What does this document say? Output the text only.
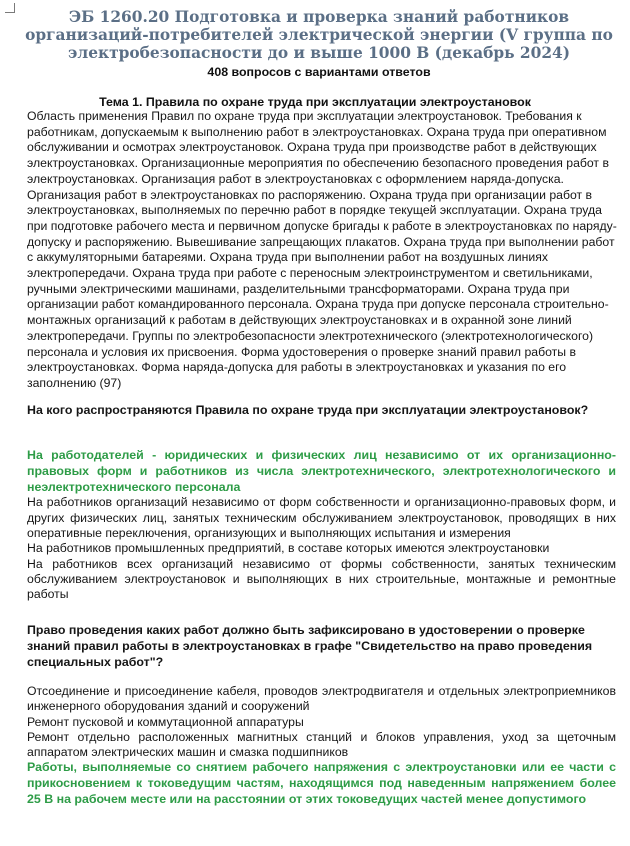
ЭБ 1260.20 Подготовка и проверка знаний работников организаций-потребителей электрической энергии (V группа по электробезопасности до и выше 1000 В (декабрь 2024)
408 вопросов с вариантами ответов
Тема 1. Правила по охране труда при эксплуатации электроустановок

Область применения Правил по охране труда при эксплуатации электроустановок. Требования к работникам, допускаемым к выполнению работ в электроустановках. Охрана труда при оперативном обслуживании и осмотрах электроустановок. Охрана труда при производстве работ в действующих электроустановках. Организационные мероприятия по обеспечению безопасного проведения работ в электроустановках. Организация работ в электроустановках с оформлением наряда-допуска. Организация работ в электроустановках по распоряжению. Охрана труда при организации работ в электроустановках, выполняемых по перечню работ в порядке текущей эксплуатации. Охрана труда при подготовке рабочего места и первичном допуске бригады к работе в электроустановках по наряду-допуску и распоряжению. Вывешивание запрещающих плакатов. Охрана труда при выполнении работ с аккумуляторными батареями. Охрана труда при выполнении работ на воздушных линиях электропередачи. Охрана труда при работе с переносным электроинструментом и светильниками, ручными электрическими машинами, разделительными трансформаторами. Охрана труда при организации работ командированного персонала. Охрана труда при допуске персонала строительно-монтажных организаций к работам в действующих электроустановках и в охранной зоне линий электропередачи. Группы по электробезопасности электротехнического (электротехнологического) персонала и условия их присвоения. Форма удостоверения о проверке знаний правил работы в электроустановках. Форма наряда-допуска для работы в электроустановках и указания по его заполнению (97)

На кого распространяются Правила по охране труда при эксплуатации электроустановок?

На работодателей - юридических и физических лиц независимо от их организационно-правовых форм и работников из числа электротехнического, электротехнологического и неэлектротехнического персонала
На работников организаций независимо от форм собственности и организационно-правовых форм, и других физических лиц, занятых техническим обслуживанием электроустановок, проводящих в них оперативные переключения, организующих и выполняющих испытания и измерения
На работников промышленных предприятий, в составе которых имеются электроустановки
На работников всех организаций независимо от формы собственности, занятых техническим обслуживанием электроустановок и выполняющих в них строительные, монтажные и ремонтные работы

Право проведения каких работ должно быть зафиксировано в удостоверении о проверке знаний правил работы в электроустановках в графе "Свидетельство на право проведения специальных работ"?

Отсоединение и присоединение кабеля, проводов электродвигателя и отдельных электроприемников инженерного оборудования зданий и сооружений
Ремонт пусковой и коммутационной аппаратуры
Ремонт отдельно расположенных магнитных станций и блоков управления, уход за щеточным аппаратом электрических машин и смазка подшипников
Работы, выполняемые со снятием рабочего напряжения с электроустановки или ее части с прикосновением к токоведущим частям, находящимся под наведенным напряжением более 25 В на рабочем месте или на расстоянии от этих токоведущих частей менее допустимого
